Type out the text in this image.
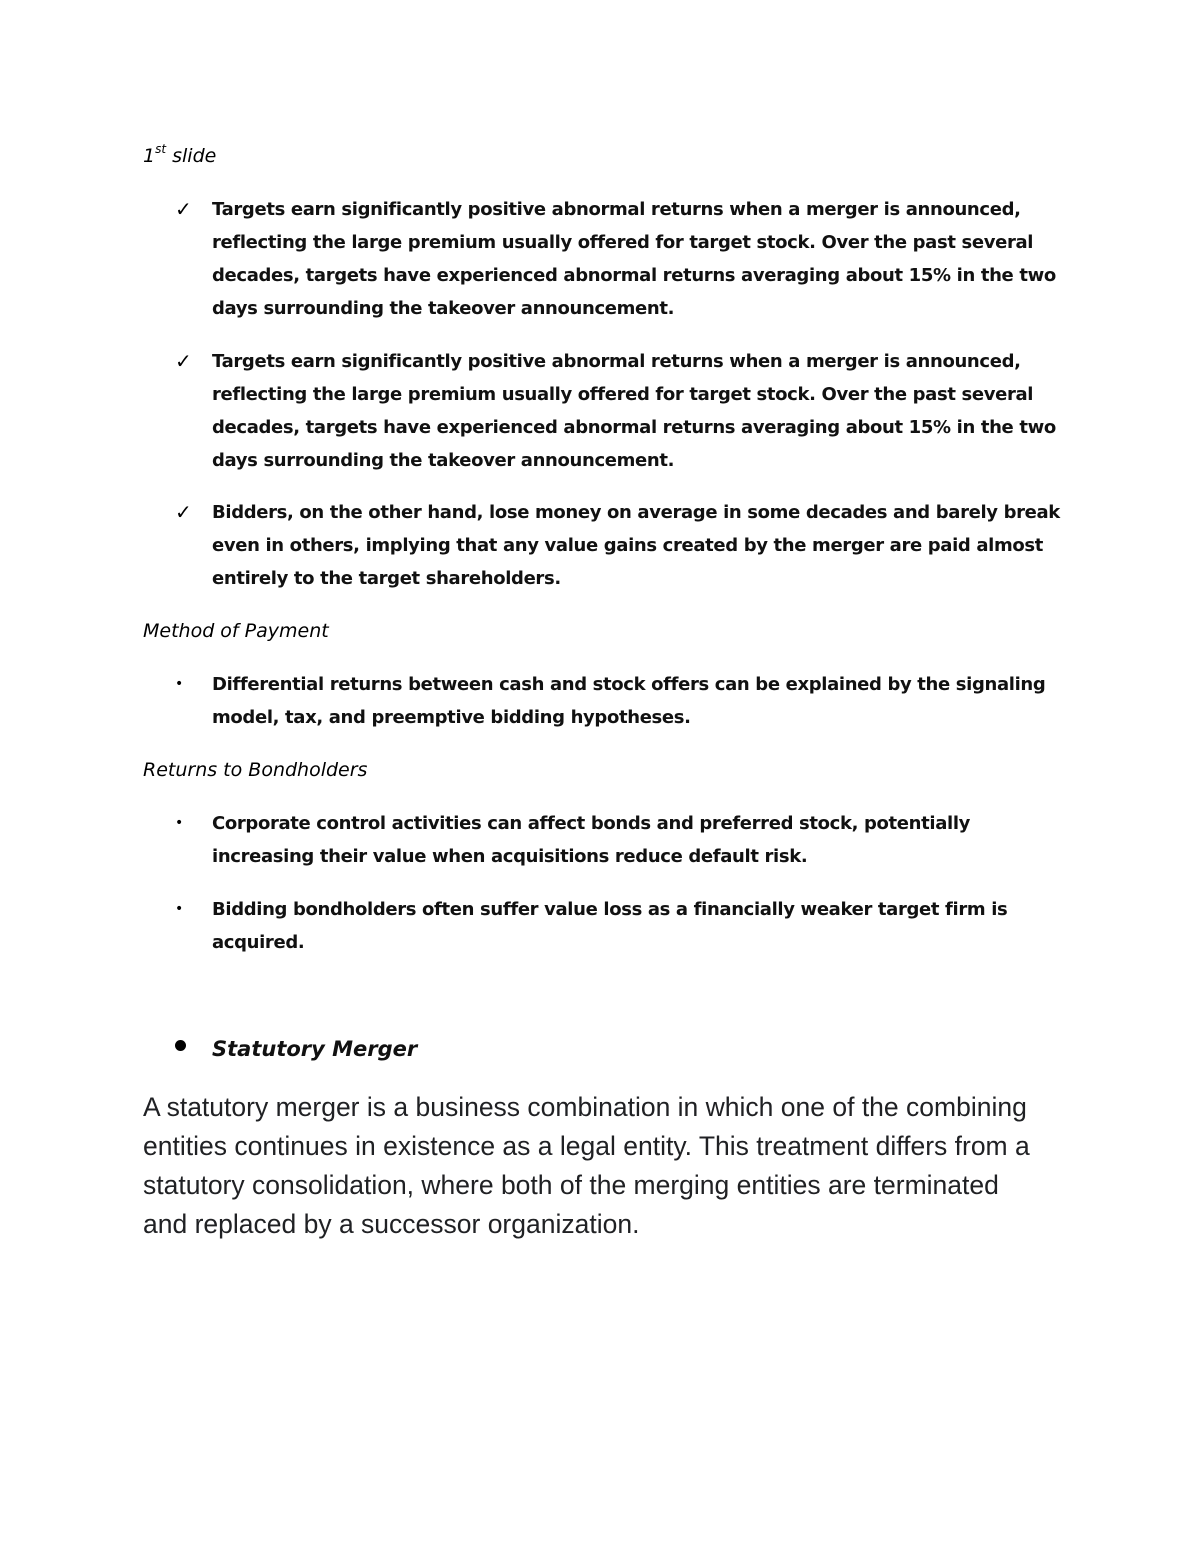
1st slide
✓	Targets earn significantly positive abnormal returns when a merger is announced, reflecting the large premium usually offered for target stock. Over the past several decades, targets have experienced abnormal returns averaging about 15% in the two days surrounding the takeover announcement.
✓	Targets earn significantly positive abnormal returns when a merger is announced, reflecting the large premium usually offered for target stock. Over the past several decades, targets have experienced abnormal returns averaging about 15% in the two days surrounding the takeover announcement.
✓	Bidders, on the other hand, lose money on average in some decades and barely break even in others, implying that any value gains created by the merger are paid almost entirely to the target shareholders.
Method of Payment
•	Differential returns between cash and stock offers can be explained by the signaling model, tax, and preemptive bidding hypotheses.
Returns to Bondholders
•	Corporate control activities can affect bonds and preferred stock, potentially increasing their value when acquisitions reduce default risk.
•	Bidding bondholders often suffer value loss as a financially weaker target firm is acquired.
Statutory Merger
A statutory merger is a business combination in which one of the combining entities continues in existence as a legal entity. This treatment differs from a statutory consolidation, where both of the merging entities are terminated and replaced by a successor organization.
